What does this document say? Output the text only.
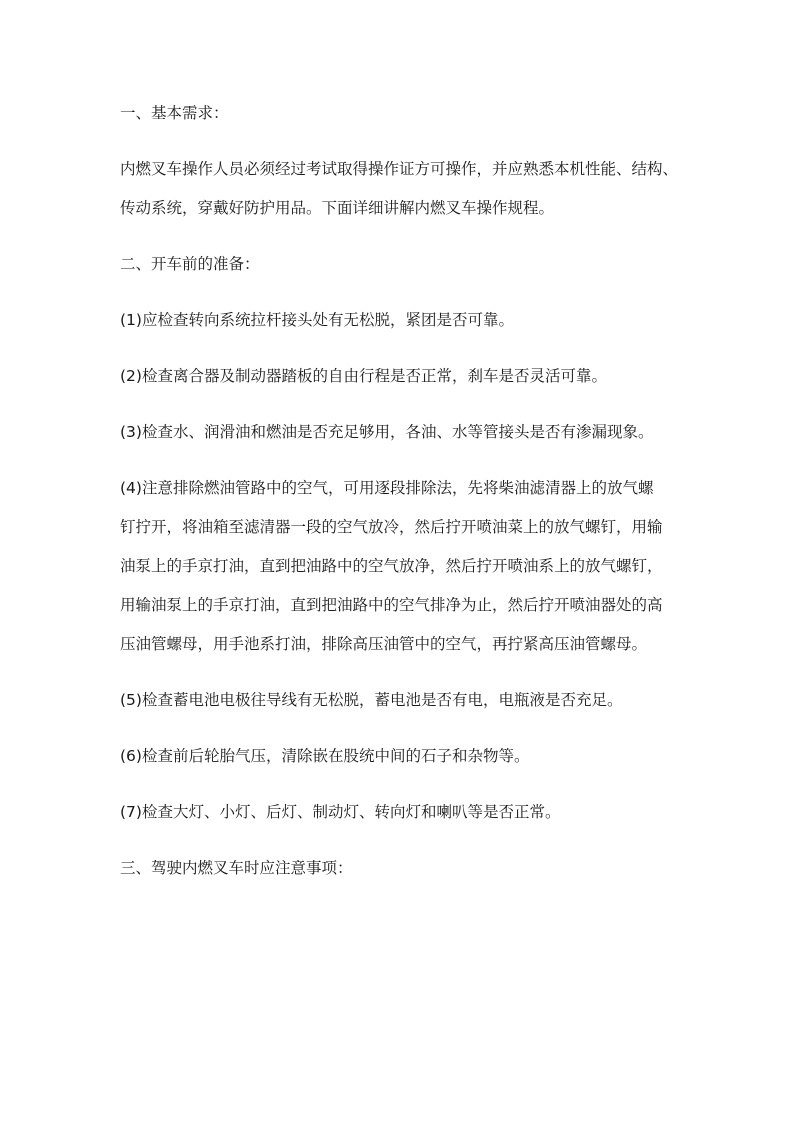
一、基本需求：
内燃叉车操作人员必须经过考试取得操作证方可操作，并应熟悉本机性能、结构、
传动系统，穿戴好防护用品。下面详细讲解内燃叉车操作规程。
二、开车前的准备：
(1)应检查转向系统拉杆接头处有无松脱，紧团是否可靠。
(2)检查离合器及制动器踏板的自由行程是否正常，刹车是否灵活可靠。
(3)检查水、润滑油和燃油是否充足够用，各油、水等管接头是否有渗漏现象。
(4)注意排除燃油管路中的空气，可用逐段排除法，先将柴油滤清器上的放气螺
钉拧开，将油箱至滤清器一段的空气放冷，然后拧开喷油菜上的放气螺钉，用输
油泵上的手京打油，直到把油路中的空气放净，然后拧开喷油系上的放气螺钉，
用输油泵上的手京打油，直到把油路中的空气排净为止，然后拧开喷油器处的高
压油管螺母，用手池系打油，排除高压油管中的空气，再拧紧高压油管螺母。
(5)检查蓄电池电极往导线有无松脱，蓄电池是否有电，电瓶液是否充足。
(6)检查前后轮胎气压，清除嵌在股统中间的石子和杂物等。
(7)检查大灯、小灯、后灯、制动灯、转向灯和喇叭等是否正常。
三、驾驶内燃叉车时应注意事项：
